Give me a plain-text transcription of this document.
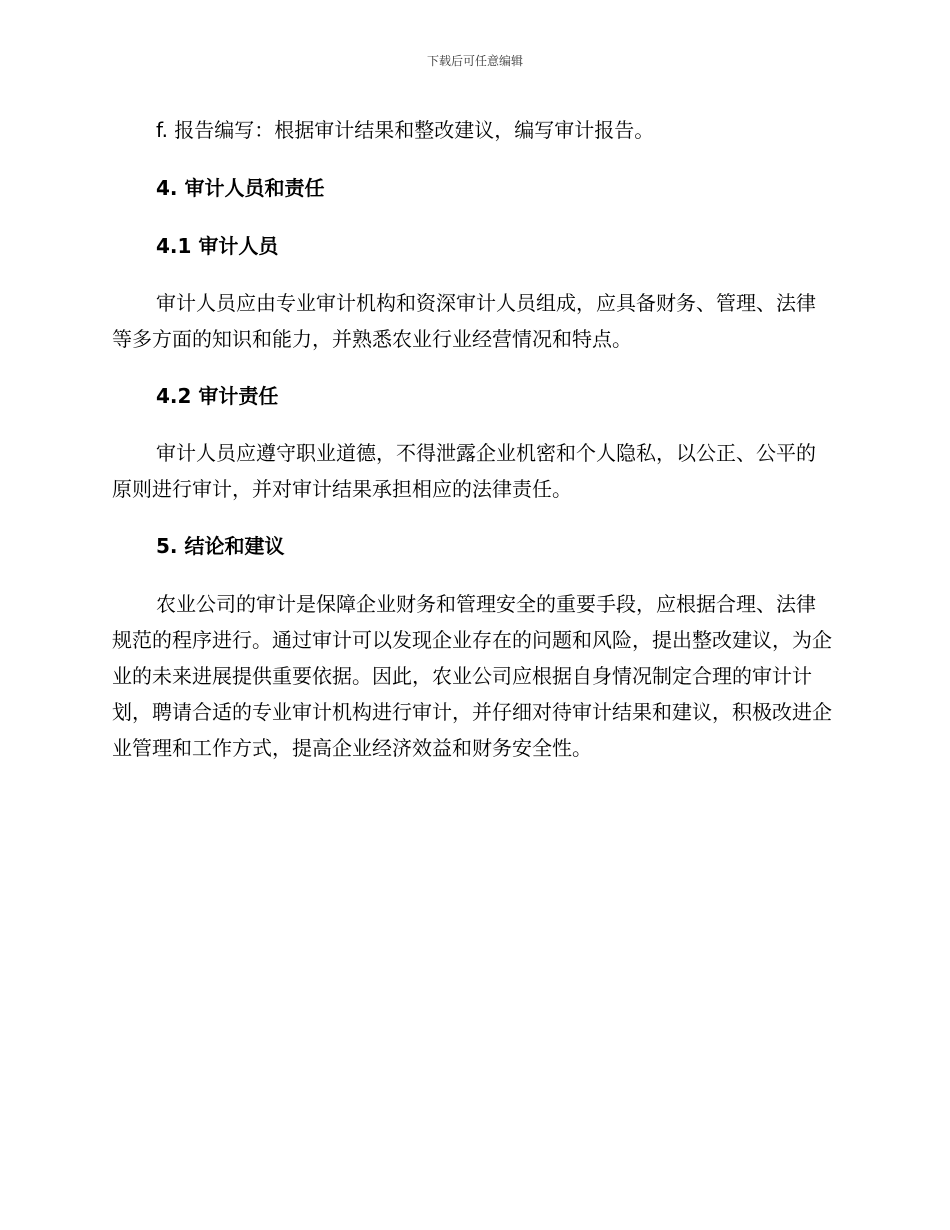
下载后可任意编辑

f. 报告编写：根据审计结果和整改建议，编写审计报告。

4. 审计人员和责任

4.1 审计人员

审计人员应由专业审计机构和资深审计人员组成，应具备财务、管理、法律等多方面的知识和能力，并熟悉农业行业经营情况和特点。

4.2 审计责任

审计人员应遵守职业道德，不得泄露企业机密和个人隐私，以公正、公平的原则进行审计，并对审计结果承担相应的法律责任。

5. 结论和建议

农业公司的审计是保障企业财务和管理安全的重要手段，应根据合理、法律规范的程序进行。通过审计可以发现企业存在的问题和风险，提出整改建议，为企业的未来进展提供重要依据。因此，农业公司应根据自身情况制定合理的审计计划，聘请合适的专业审计机构进行审计，并仔细对待审计结果和建议，积极改进企业管理和工作方式，提高企业经济效益和财务安全性。
